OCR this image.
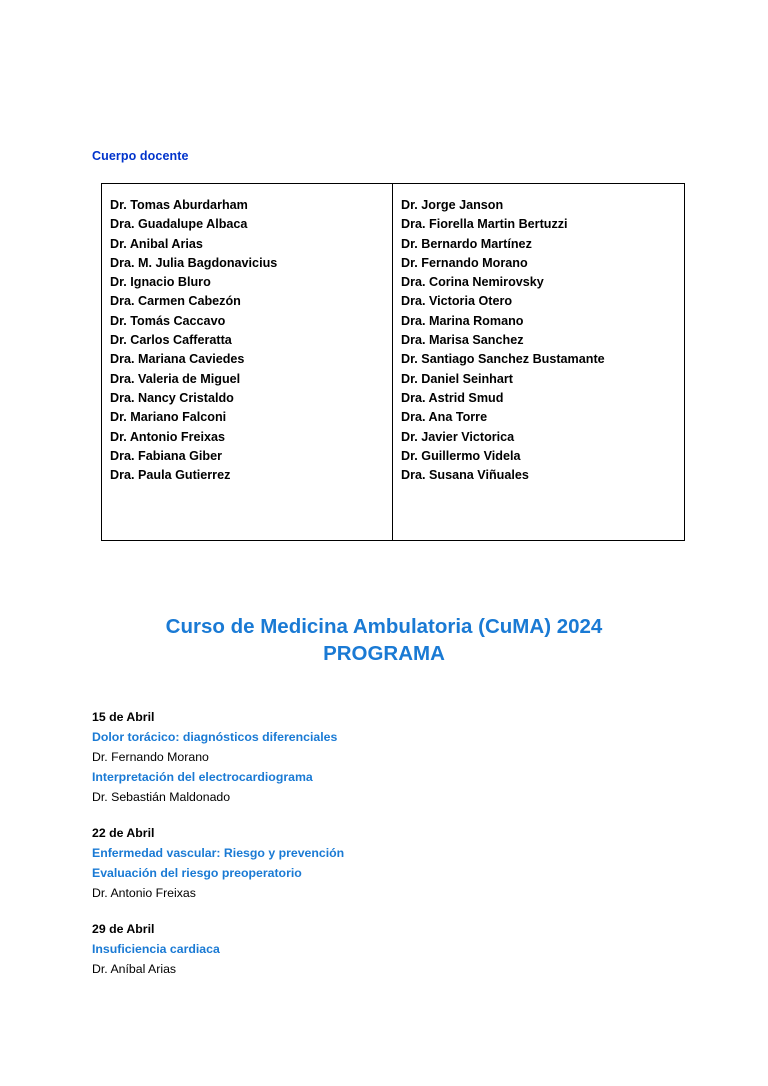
Cuerpo docente
Dr. Tomas Aburdarham
Dra. Guadalupe Albaca
Dr. Anibal Arias
Dra. M. Julia Bagdonavicius
Dr. Ignacio Bluro
Dra. Carmen Cabezón
Dr. Tomás Caccavo
Dr. Carlos Cafferatta
Dra. Mariana Caviedes
Dra. Valeria de Miguel
Dra. Nancy Cristaldo
Dr. Mariano Falconi
Dr. Antonio Freixas
Dra. Fabiana Giber
Dra. Paula Gutierrez
Dr. Jorge Janson
Dra. Fiorella Martin Bertuzzi
Dr. Bernardo Martínez
Dr. Fernando Morano
Dra. Corina Nemirovsky
Dra. Victoria Otero
Dra. Marina Romano
Dra. Marisa Sanchez
Dr. Santiago Sanchez Bustamante
Dr. Daniel Seinhart
Dra. Astrid Smud
Dra. Ana Torre
Dr. Javier Victorica
Dr. Guillermo Videla
Dra. Susana Viñuales
Curso de Medicina Ambulatoria (CuMA) 2024
PROGRAMA
15 de Abril
Dolor torácico: diagnósticos diferenciales
Dr. Fernando Morano
Interpretación del electrocardiograma
Dr. Sebastián Maldonado
22 de Abril
Enfermedad vascular: Riesgo y prevención
Evaluación del riesgo preoperatorio
Dr. Antonio Freixas
29 de Abril
Insuficiencia cardiaca
Dr. Aníbal Arias
